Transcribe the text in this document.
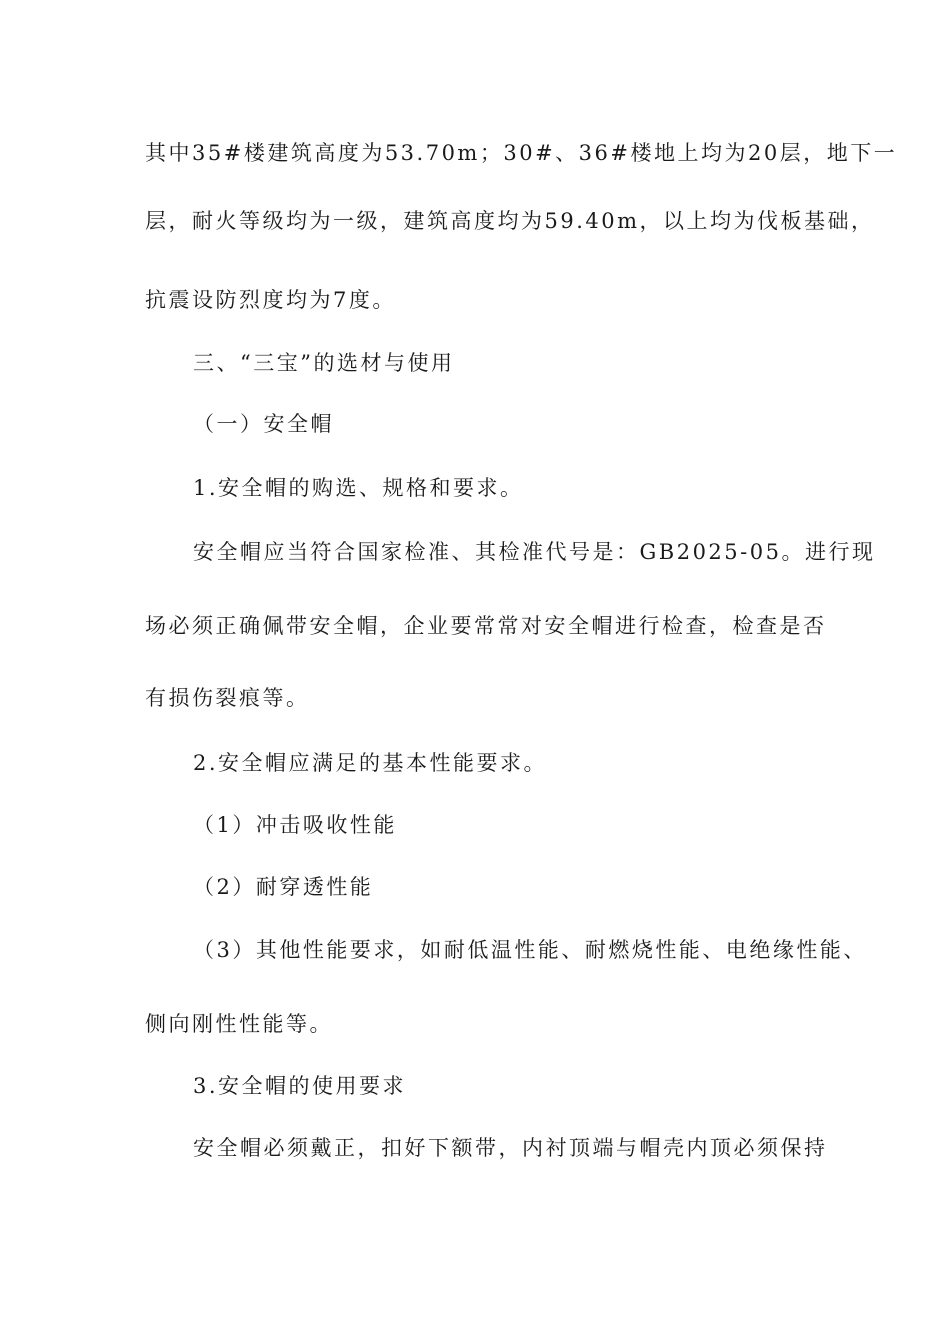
其中35#楼建筑高度为53.70m；30#、36#楼地上均为20层，地下一
层，耐火等级均为一级，建筑高度均为59.40m，以上均为伐板基础，
抗震设防烈度均为7度。
三、“三宝”的选材与使用
（一）安全帽
1.安全帽的购选、规格和要求。
安全帽应当符合国家检准、其检准代号是：GB2025-05。进行现
场必须正确佩带安全帽，企业要常常对安全帽进行检查，检查是否
有损伤裂痕等。
2.安全帽应满足的基本性能要求。
（1）冲击吸收性能
（2）耐穿透性能
（3）其他性能要求，如耐低温性能、耐燃烧性能、电绝缘性能、
侧向刚性性能等。
3.安全帽的使用要求
安全帽必须戴正，扣好下额带，内衬顶端与帽壳内顶必须保持
